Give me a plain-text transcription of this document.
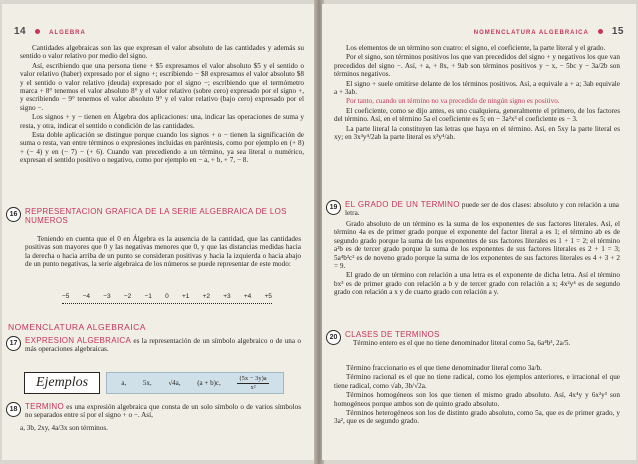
14	ALGEBRA

Cantidades algebraicas son las que expresan el valor absoluto de las cantidades y además su sentido o valor relativo por medio del signo.

Así, escribiendo que una persona tiene + $5 expresamos el valor absoluto $5 y el sentido o valor relativo (haber) expresado por el signo +; escribiendo − $8 expresamos el valor absoluto $8 y el sentido o valor relativo (deuda) expresado por el signo −; escribiendo que el termómetro marca + 8° tenemos el valor absoluto 8° y el valor relativo (sobre cero) expresado por el signo +, y escribiendo − 9° tenemos el valor absoluto 9° y el valor relativo (bajo cero) expresado por el signo −.

Los signos + y − tienen en Álgebra dos aplicaciones: una, indicar las operaciones de suma y resta, y otra, indicar el sentido o condición de las cantidades.

Esta doble aplicación se distingue porque cuando los signos + o − tienen la significación de suma o resta, van entre términos o expresiones incluidas en paréntesis, como por ejemplo en (+ 8) + (− 4) y en (− 7) − (+ 6). Cuando van precediendo a un término, ya sea literal o numérico, expresan el sentido positivo o negativo, como por ejemplo en − a, + b, + 7, − 8.

16 REPRESENTACION GRAFICA DE LA SERIE ALGEBRAICA DE LOS NUMEROS
Teniendo en cuenta que el 0 en Álgebra es la ausencia de la cantidad, que las cantidades positivas son mayores que 0 y las negativas menores que 0, y que las distancias medidas hacia la derecha o hacia arriba de un punto se consideran positivas y hacia la izquierda o hacia abajo de un punto negativas, la serie algebraica de los números se puede representar de este modo:
−5 −4 −3 −2 −1 0 +1 +2 +3 +4 +5
NOMENCLATURA ALGEBRAICA
17 EXPRESION ALGEBRAICA es la representación de un símbolo algebraico o de una o más operaciones algebraicas.
Ejemplos	a, 5x, √4a, (a + b)c,	$\frac{(5x - 3y)a}{\text{x²}}$
18 TERMINO es una expresión algebraica que consta de un solo símbolo o de varios símbolos no separados entre sí por el signo + o −. Así,
a, 3b, 2xy, 4a/3x son términos.
NOMENCLATURA ALGEBRAICA 15

Los elementos de un término son cuatro: el signo, el coeficiente, la parte literal y el grado.

Por el signo, son términos positivos los que van precedidos del signo + y negativos los que van precedidos del signo −. Así, + a, + 8x, + 9ab son términos positivos y − x, − 5bc y − 3a/2b son términos negativos.

El signo + suele omitirse delante de los términos positivos. Así, a equivale a + a; 3ab equivale a + 3ab.

Por tanto, cuando un término no va precedido de ningún signo es positivo.

El coeficiente, como se dijo antes, es uno cualquiera, generalmente el primero, de los factores del término. Así, en el término 5a el coeficiente es 5; en − 3a²x³ el coeficiente es − 3.

La parte literal la constituyen las letras que haya en el término. Así, en 5xy la parte literal es xy; en 3x³y⁴/2ab la parte literal es x³y⁴/ab.

19 EL GRADO DE UN TERMINO puede ser de dos clases: absoluto y con relación a una letra.

Grado absoluto de un término es la suma de los exponentes de sus factores literales. Así, el término 4a es de primer grado porque el exponente del factor literal a es 1; el término ab es de segundo grado porque la suma de los exponentes de sus factores literales es 1 + 1 = 2; el término a²b es de tercer grado porque la suma de los exponentes de sus factores literales es 2 + 1 = 3; 5a⁴b³c² es de noveno grado porque la suma de los exponentes de sus factores literales es 4 + 3 + 2 = 9.

El grado de un término con relación a una letra es el exponente de dicha letra. Así el término bx³ es de primer grado con relación a b y de tercer grado con relación a x; 4x²y⁴ es de segundo grado con relación a x y de cuarto grado con relación a y.

20 CLASES DE TERMINOS
Término entero es el que no tiene denominador literal como 5a, 6a⁴b³, 2a/5.

Término fraccionario es el que tiene denominador literal como 3a/b.

Término racional es el que no tiene radical, como los ejemplos anteriores, e irracional el que tiene radical, como √ab, 3b/√2a.

Términos homogéneos son los que tienen el mismo grado absoluto. Así, 4x⁴y y 6x²y³ son homogéneos porque ambos son de quinto grado absoluto.

Términos heterogéneos son los de distinto grado absoluto, como 5a, que es de primer grado, y 3a², que es de segundo grado.
